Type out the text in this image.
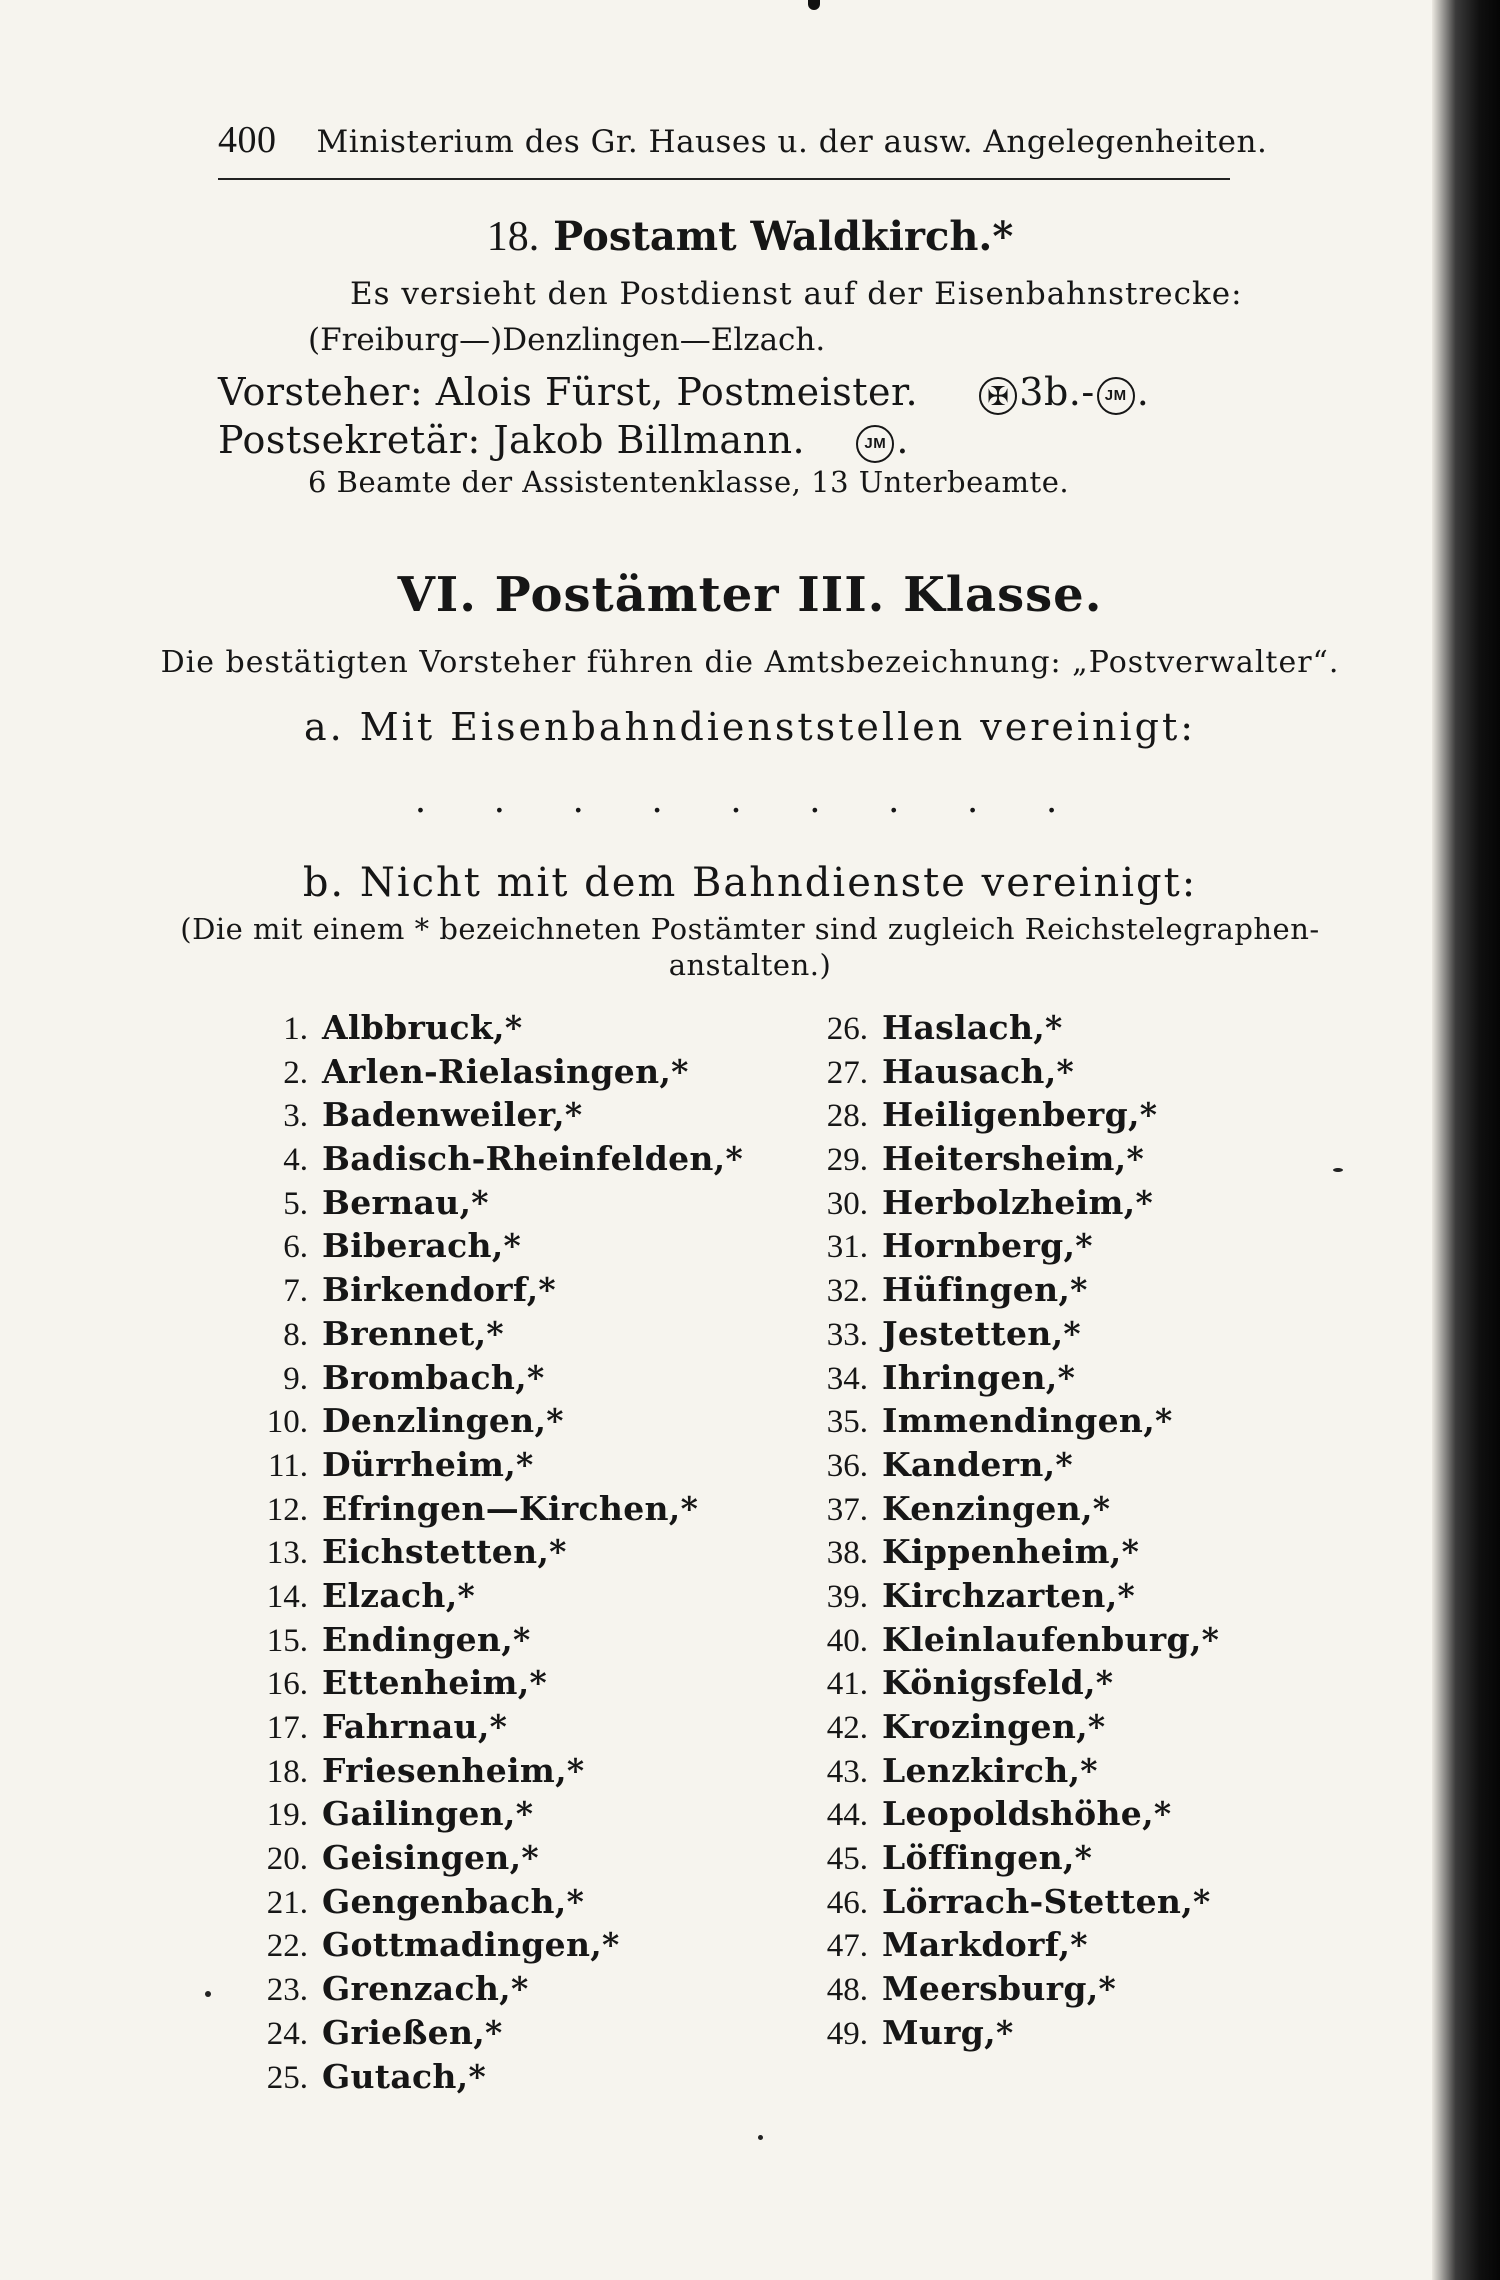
400 Ministerium des Gr. Hauses u. der ausw. Angelegenheiten.
18. Postamt Waldkirch.*
Es versieht den Postdienst auf der Eisenbahnstrecke:
(Freiburg—)Denzlingen—Elzach.
Vorsteher: Alois Fürst, Postmeister.	✠ 3b.- JM .
Postsekretär: Jakob Billmann.	JM .
6 Beamte der Assistentenklasse, 13 Unterbeamte.
VI. Postämter III. Klasse.
Die bestätigten Vorsteher führen die Amtsbezeichnung: „Postverwalter“.
a. Mit Eisenbahndienststellen vereinigt:
. . . . . . . . .
b. Nicht mit dem Bahndienste vereinigt:
(Die mit einem * bezeichneten Postämter sind zugleich Reichstelegraphen-
anstalten.)
1. Albbruck,*
2. Arlen-Rielasingen,*
3. Badenweiler,*
4. Badisch-Rheinfelden,*
5. Bernau,*
6. Biberach,*
7. Birkendorf,*
8. Brennet,*
9. Brombach,*
10. Denzlingen,*
11. Dürrheim,*
12. Efringen—Kirchen,*
13. Eichstetten,*
14. Elzach,*
15. Endingen,*
16. Ettenheim,*
17. Fahrnau,*
18. Friesenheim,*
19. Gailingen,*
20. Geisingen,*
21. Gengenbach,*
22. Gottmadingen,*
23. Grenzach,*
24. Grießen,*
25. Gutach,*
26. Haslach,*
27. Hausach,*
28. Heiligenberg,*
29. Heitersheim,*
30. Herbolzheim,*
31. Hornberg,*
32. Hüfingen,*
33. Jestetten,*
34. Ihringen,*
35. Immendingen,*
36. Kandern,*
37. Kenzingen,*
38. Kippenheim,*
39. Kirchzarten,*
40. Kleinlaufenburg,*
41. Königsfeld,*
42. Krozingen,*
43. Lenzkirch,*
44. Leopoldshöhe,*
45. Löffingen,*
46. Lörrach-Stetten,*
47. Markdorf,*
48. Meersburg,*
49. Murg,*
